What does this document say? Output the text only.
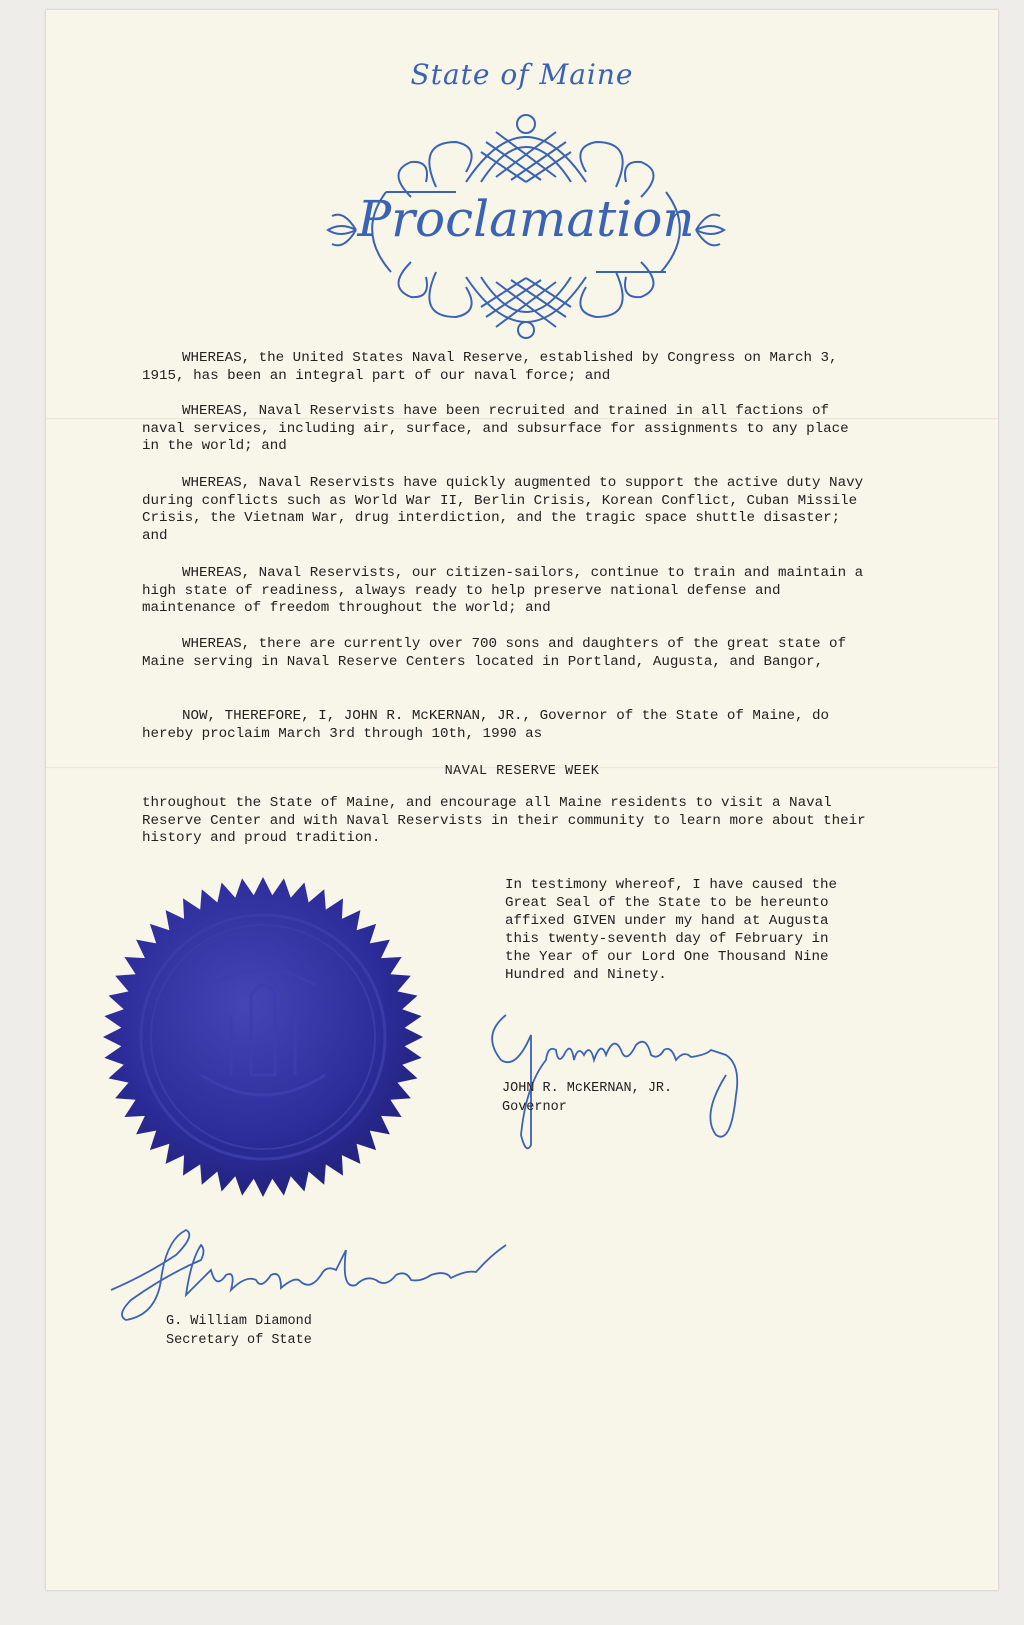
State of Maine
Proclamation

WHEREAS, the United States Naval Reserve, established by Congress on March 3, 1915, has been an integral part of our naval force; and

WHEREAS, Naval Reservists have been recruited and trained in all factions of naval services, including air, surface, and subsurface for assignments to any place in the world; and

WHEREAS, Naval Reservists have quickly augmented to support the active duty Navy during conflicts such as World War II, Berlin Crisis, Korean Conflict, Cuban Missile Crisis, the Vietnam War, drug interdiction, and the tragic space shuttle disaster; and

WHEREAS, Naval Reservists, our citizen-sailors, continue to train and maintain a high state of readiness, always ready to help preserve national defense and maintenance of freedom throughout the world; and

WHEREAS, there are currently over 700 sons and daughters of the great state of Maine serving in Naval Reserve Centers located in Portland, Augusta, and Bangor,

NOW, THEREFORE, I, JOHN R. McKERNAN, JR., Governor of the State of Maine, do hereby proclaim March 3rd through 10th, 1990 as

NAVAL RESERVE WEEK

throughout the State of Maine, and encourage all Maine residents to visit a Naval Reserve Center and with Naval Reservists in their community to learn more about their history and proud tradition.

In testimony whereof, I have caused the Great Seal of the State to be hereunto affixed GIVEN under my hand at Augusta this twenty-seventh day of February in the Year of our Lord One Thousand Nine Hundred and Ninety.
JOHN R. McKERNAN, JR.
Governor
G. William Diamond
Secretary of State
